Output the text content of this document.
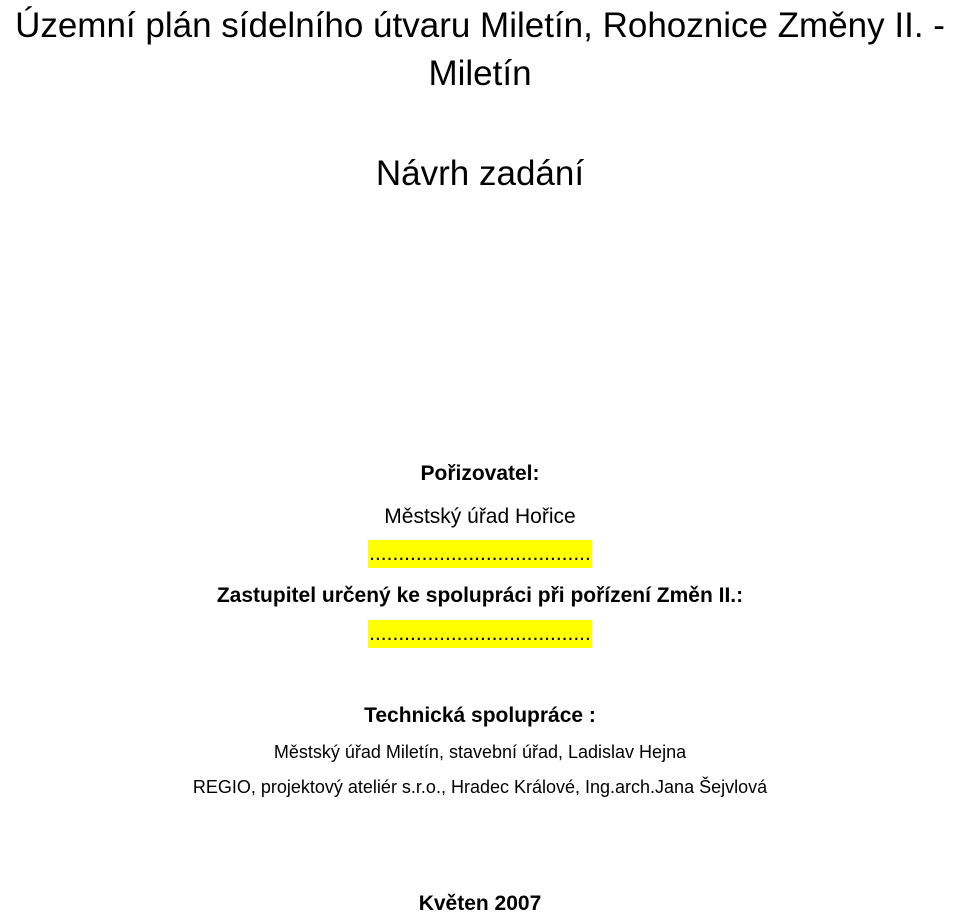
Územní plán sídelního útvaru Miletín, Rohoznice Změny II. - Miletín
Návrh zadání
Pořizovatel:
Městský úřad Hořice
......................................
Zastupitel určený ke spolupráci při pořízení Změn II.:
......................................
Technická spolupráce :
Městský úřad Miletín, stavební úřad, Ladislav Hejna
REGIO, projektový ateliér s.r.o., Hradec Králové, Ing.arch.Jana Šejvlová
Květen 2007
